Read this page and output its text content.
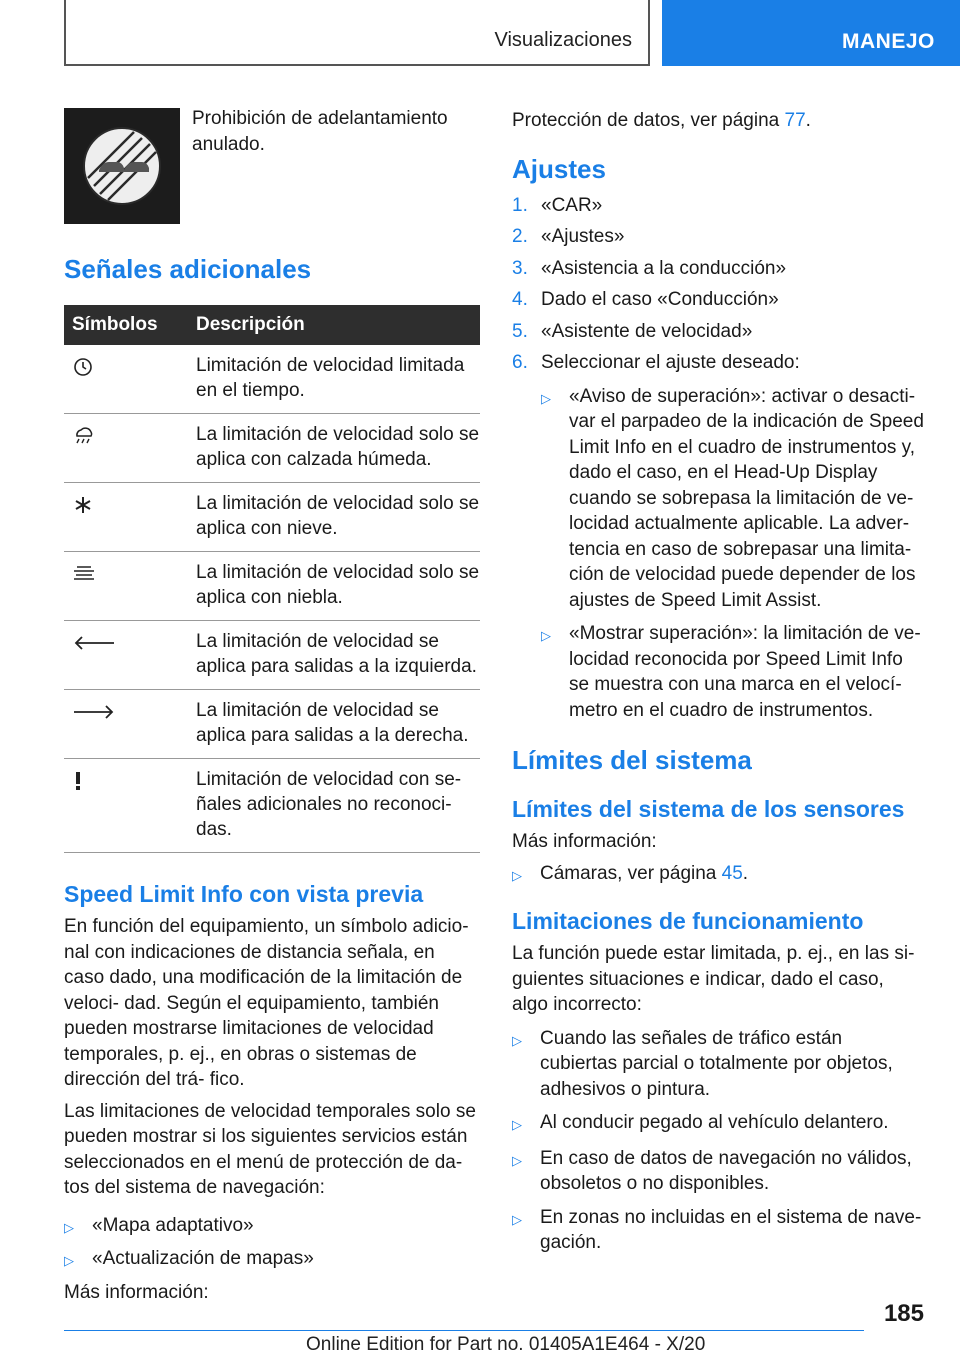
Visualizaciones	MANEJO
Prohibición de adelantamiento anulado.
Señales adicionales
Símbolos	Descripción
Limitación de velocidad limitada en el tiempo.
La limitación de velocidad solo se aplica con calzada húmeda.
La limitación de velocidad solo se aplica con nieve.
La limitación de velocidad solo se aplica con niebla.
La limitación de velocidad se aplica para salidas a la izquierda.
La limitación de velocidad se aplica para salidas a la derecha.
Limitación de velocidad con se- ñales adicionales no reconoci- das.
Speed Limit Info con vista previa

En función del equipamiento, un símbolo adicio- nal con indicaciones de distancia señala, en caso dado, una modificación de la limitación de veloci- dad. Según el equipamiento, también pueden mostrarse limitaciones de velocidad temporales, p. ej., en obras o sistemas de dirección del trá- fico.

Las limitaciones de velocidad temporales solo se pueden mostrar si los siguientes servicios están seleccionados en el menú de protección de da- tos del sistema de navegación:

▷ «Mapa adaptativo»
▷ «Actualización de mapas»

Más información:

Protección de datos, ver página 77.

Ajustes
1. «CAR»
2. «Ajustes»
3. «Asistencia a la conducción»
4. Dado el caso «Conducción»
5. «Asistente de velocidad»
6. Seleccionar el ajuste deseado:
▷ «Aviso de superación»: activar o desacti- var el parpadeo de la indicación de Speed Limit Info en el cuadro de instrumentos y, dado el caso, en el Head-Up Display cuando se sobrepasa la limitación de ve- locidad actualmente aplicable. La adver- tencia en caso de sobrepasar una limita- ción de velocidad puede depender de los ajustes de Speed Limit Assist.
▷ «Mostrar superación»: la limitación de ve- locidad reconocida por Speed Limit Info se muestra con una marca en el velocí- metro en el cuadro de instrumentos.
Límites del sistema
Límites del sistema de los sensores

Más información:

▷ Cámaras, ver página 45.
Limitaciones de funcionamiento

La función puede estar limitada, p. ej., en las si- guientes situaciones e indicar, dado el caso, algo incorrecto:

▷ Cuando las señales de tráfico están cubiertas parcial o totalmente por objetos, adhesivos o pintura.
▷ Al conducir pegado al vehículo delantero.
▷ En caso de datos de navegación no válidos, obsoletos o no disponibles.
▷ En zonas no incluidas en el sistema de nave- gación.
185
Online Edition for Part no. 01405A1E464 - X/20
